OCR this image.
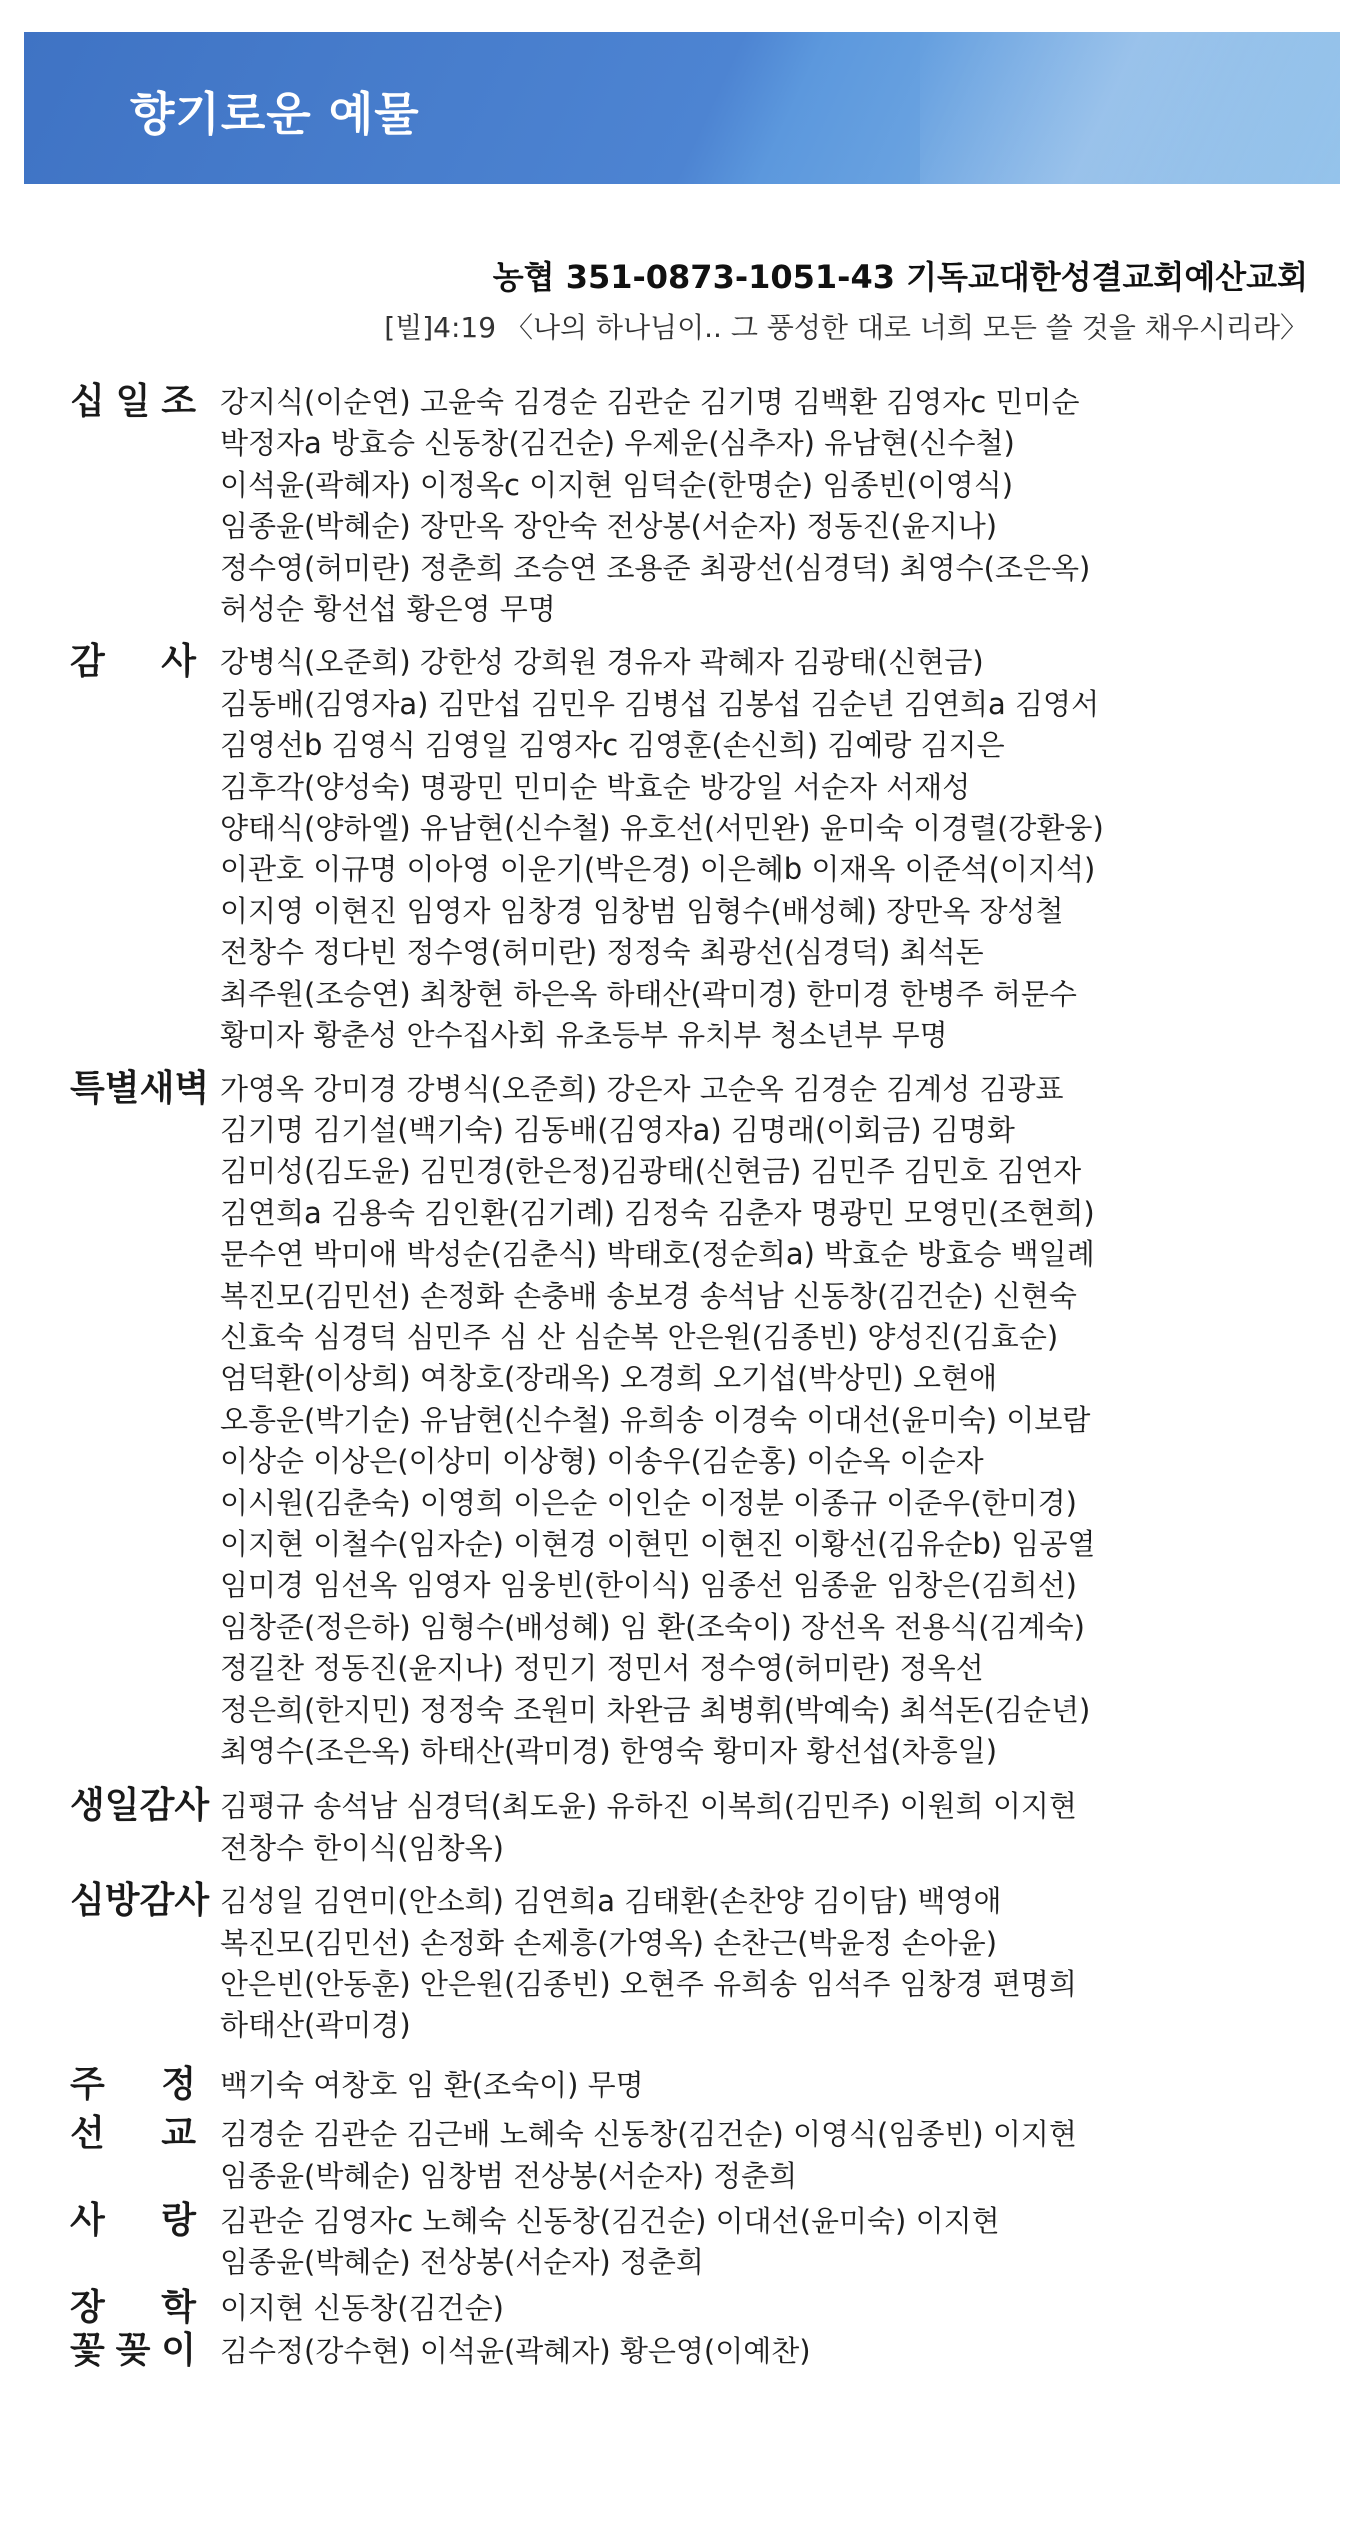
향기로운 예물
농협 351-0873-1051-43 기독교대한성결교회예산교회
[빌]4:19 〈나의 하나님이.. 그 풍성한 대로 너희 모든 쓸 것을 채우시리라〉
십 일 조 강지식(이순연) 고윤숙 김경순 김관순 김기명 김백환 김영자c 민미순
박정자a 방효승 신동창(김건순) 우제운(심추자) 유남현(신수철)
이석윤(곽혜자) 이정옥c 이지현 임덕순(한명순) 임종빈(이영식)
임종윤(박혜순) 장만옥 장안숙 전상봉(서순자) 정동진(윤지나)
정수영(허미란) 정춘희 조승연 조용준 최광선(심경덕) 최영수(조은옥)
허성순 황선섭 황은영 무명
감 사 강병식(오준희) 강한성 강희원 경유자 곽혜자 김광태(신현금)
김동배(김영자a) 김만섭 김민우 김병섭 김봉섭 김순년 김연희a 김영서
김영선b 김영식 김영일 김영자c 김영훈(손신희) 김예랑 김지은
김후각(양성숙) 명광민 민미순 박효순 방강일 서순자 서재성
양태식(양하엘) 유남현(신수철) 유호선(서민완) 윤미숙 이경렬(강환웅)
이관호 이규명 이아영 이운기(박은경) 이은혜b 이재옥 이준석(이지석)
이지영 이현진 임영자 임창경 임창범 임형수(배성혜) 장만옥 장성철
전창수 정다빈 정수영(허미란) 정정숙 최광선(심경덕) 최석돈
최주원(조승연) 최창현 하은옥 하태산(곽미경) 한미경 한병주 허문수
황미자 황춘성 안수집사회 유초등부 유치부 청소년부 무명
특 별 새 벽 가영옥 강미경 강병식(오준희) 강은자 고순옥 김경순 김계성 김광표
김기명 김기설(백기숙) 김동배(김영자a) 김명래(이회금) 김명화
김미성(김도윤) 김민경(한은정)김광태(신현금) 김민주 김민호 김연자
김연희a 김용숙 김인환(김기례) 김정숙 김춘자 명광민 모영민(조현희)
문수연 박미애 박성순(김춘식) 박태호(정순희a) 박효순 방효승 백일례
복진모(김민선) 손정화 손충배 송보경 송석남 신동창(김건순) 신현숙
신효숙 심경덕 심민주 심 산 심순복 안은원(김종빈) 양성진(김효순)
엄덕환(이상희) 여창호(장래옥) 오경희 오기섭(박상민) 오현애
오흥운(박기순) 유남현(신수철) 유희송 이경숙 이대선(윤미숙) 이보람
이상순 이상은(이상미 이상형) 이송우(김순홍) 이순옥 이순자
이시원(김춘숙) 이영희 이은순 이인순 이정분 이종규 이준우(한미경)
이지현 이철수(임자순) 이현경 이현민 이현진 이황선(김유순b) 임공열
임미경 임선옥 임영자 임웅빈(한이식) 임종선 임종윤 임창은(김희선)
임창준(정은하) 임형수(배성혜) 임 환(조숙이) 장선옥 전용식(김계숙)
정길찬 정동진(윤지나) 정민기 정민서 정수영(허미란) 정옥선
정은희(한지민) 정정숙 조원미 차완금 최병휘(박예숙) 최석돈(김순년)
최영수(조은옥) 하태산(곽미경) 한영숙 황미자 황선섭(차흥일)
생 일 감 사 김평규 송석남 심경덕(최도윤) 유하진 이복희(김민주) 이원희 이지현
전창수 한이식(임창옥)
심 방 감 사 김성일 김연미(안소희) 김연희a 김태환(손찬양 김이담) 백영애
복진모(김민선) 손정화 손제흥(가영옥) 손찬근(박윤정 손아윤)
안은빈(안동훈) 안은원(김종빈) 오현주 유희송 임석주 임창경 편명희
하태산(곽미경)
주 정 백기숙 여창호 임 환(조숙이) 무명
선 교 김경순 김관순 김근배 노혜숙 신동창(김건순) 이영식(임종빈) 이지현
임종윤(박혜순) 임창범 전상봉(서순자) 정춘희
사 랑 김관순 김영자c 노혜숙 신동창(김건순) 이대선(윤미숙) 이지현
임종윤(박혜순) 전상봉(서순자) 정춘희
장 학 이지현 신동창(김건순)
꽃 꽂 이 김수정(강수현) 이석윤(곽혜자) 황은영(이예찬)
